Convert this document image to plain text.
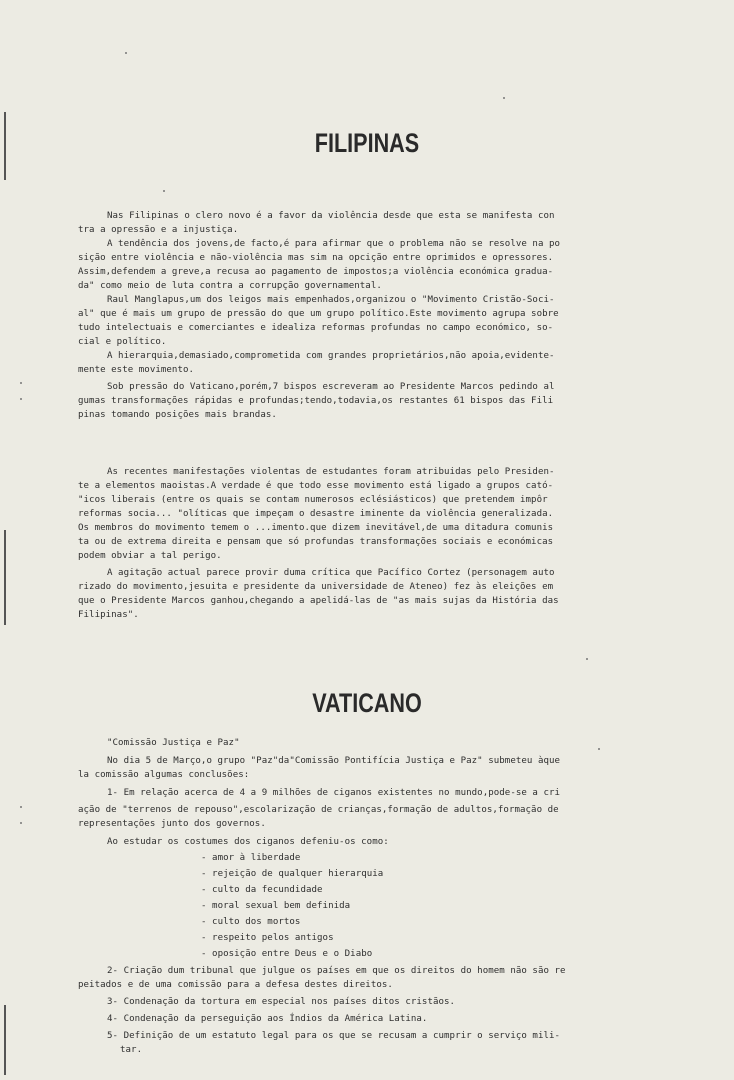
FILIPINAS
Nas Filipinas o clero novo é a favor da violência desde que esta se manifesta con
tra a opressão e a injustiça.
A tendência dos jovens,de facto,é para afirmar que o problema não se resolve na po
sição entre violência e não-violência mas sim na opcição entre oprimidos e opressores.
Assim,defendem a greve,a recusa ao pagamento de impostos;a violência económica gradua-
da" como meio de luta contra a corrupção governamental.
Raul Manglapus,um dos leigos mais empenhados,organizou o "Movimento Cristão-Soci-
al" que é mais um grupo de pressão do que um grupo político.Este movimento agrupa sobre
tudo intelectuais e comerciantes e idealiza reformas profundas no campo económico, so-
cial e político.
A hierarquia,demasiado,comprometida com grandes proprietários,não apoia,evidente-
mente este movimento.
Sob pressão do Vaticano,porém,7 bispos escreveram ao Presidente Marcos pedindo al
gumas transformações rápidas e profundas;tendo,todavia,os restantes 61 bispos das Fili
pinas tomando posições mais brandas.
As recentes manifestações violentas de estudantes foram atribuidas pelo Presiden-
te a elementos maoistas.A verdade é que todo esse movimento está ligado a grupos cató-
"icos liberais (entre os quais se contam numerosos eclésiásticos) que pretendem impôr
reformas socia... "olíticas que impeçam o desastre iminente da violência generalizada.
Os membros do movimento temem o ...imento.que dizem inevitável,de uma ditadura comunis
ta ou de extrema direita e pensam que só profundas transformações sociais e económicas
podem obviar a tal perigo.
A agitação actual parece provir duma crítica que Pacífico Cortez (personagem auto
rizado do movimento,jesuita e presidente da universidade de Ateneo) fez às eleições em
que o Presidente Marcos ganhou,chegando a apelidá-las de "as mais sujas da História das
Filipinas".
VATICANO
"Comissão Justiça e Paz"
No dia 5 de Março,o grupo "Paz"da"Comissão Pontifícia Justiça e Paz" submeteu àque
la comissão algumas conclusões:
1- Em relação acerca de 4 a 9 milhões de ciganos existentes no mundo,pode-se a cri
ação de "terrenos de repouso",escolarização de crianças,formação de adultos,formação de
representações junto dos governos.
Ao estudar os costumes dos ciganos defeniu-os como:
- amor à liberdade
- rejeição de qualquer hierarquia
- culto da fecundidade
- moral sexual bem definida
- culto dos mortos
- respeito pelos antigos
- oposição entre Deus e o Diabo
2- Criação dum tribunal que julgue os países em que os direitos do homem não são re
peitados e de uma comissão para a defesa destes direitos.
3- Condenação da tortura em especial nos países ditos cristãos.
4- Condenação da perseguição aos Índios da América Latina.
5- Definição de um estatuto legal para os que se recusam a cumprir o serviço mili-
tar.
